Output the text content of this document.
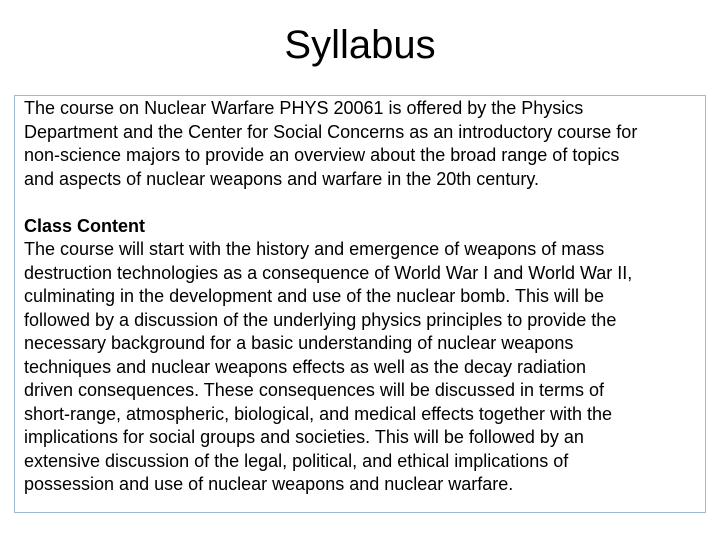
Syllabus

The course on Nuclear Warfare PHYS 20061 is offered by the Physics
Department and the Center for Social Concerns as an introductory course for
non-science majors to provide an overview about the broad range of topics
and aspects of nuclear weapons and warfare in the 20th century.

Class Content

The course will start with the history and emergence of weapons of mass
destruction technologies as a consequence of World War I and World War II,
culminating in the development and use of the nuclear bomb. This will be
followed by a discussion of the underlying physics principles to provide the
necessary background for a basic understanding of nuclear weapons
techniques and nuclear weapons effects as well as the decay radiation
driven consequences. These consequences will be discussed in terms of
short-range, atmospheric, biological, and medical effects together with the
implications for social groups and societies. This will be followed by an
extensive discussion of the legal, political, and ethical implications of
possession and use of nuclear weapons and nuclear warfare.
